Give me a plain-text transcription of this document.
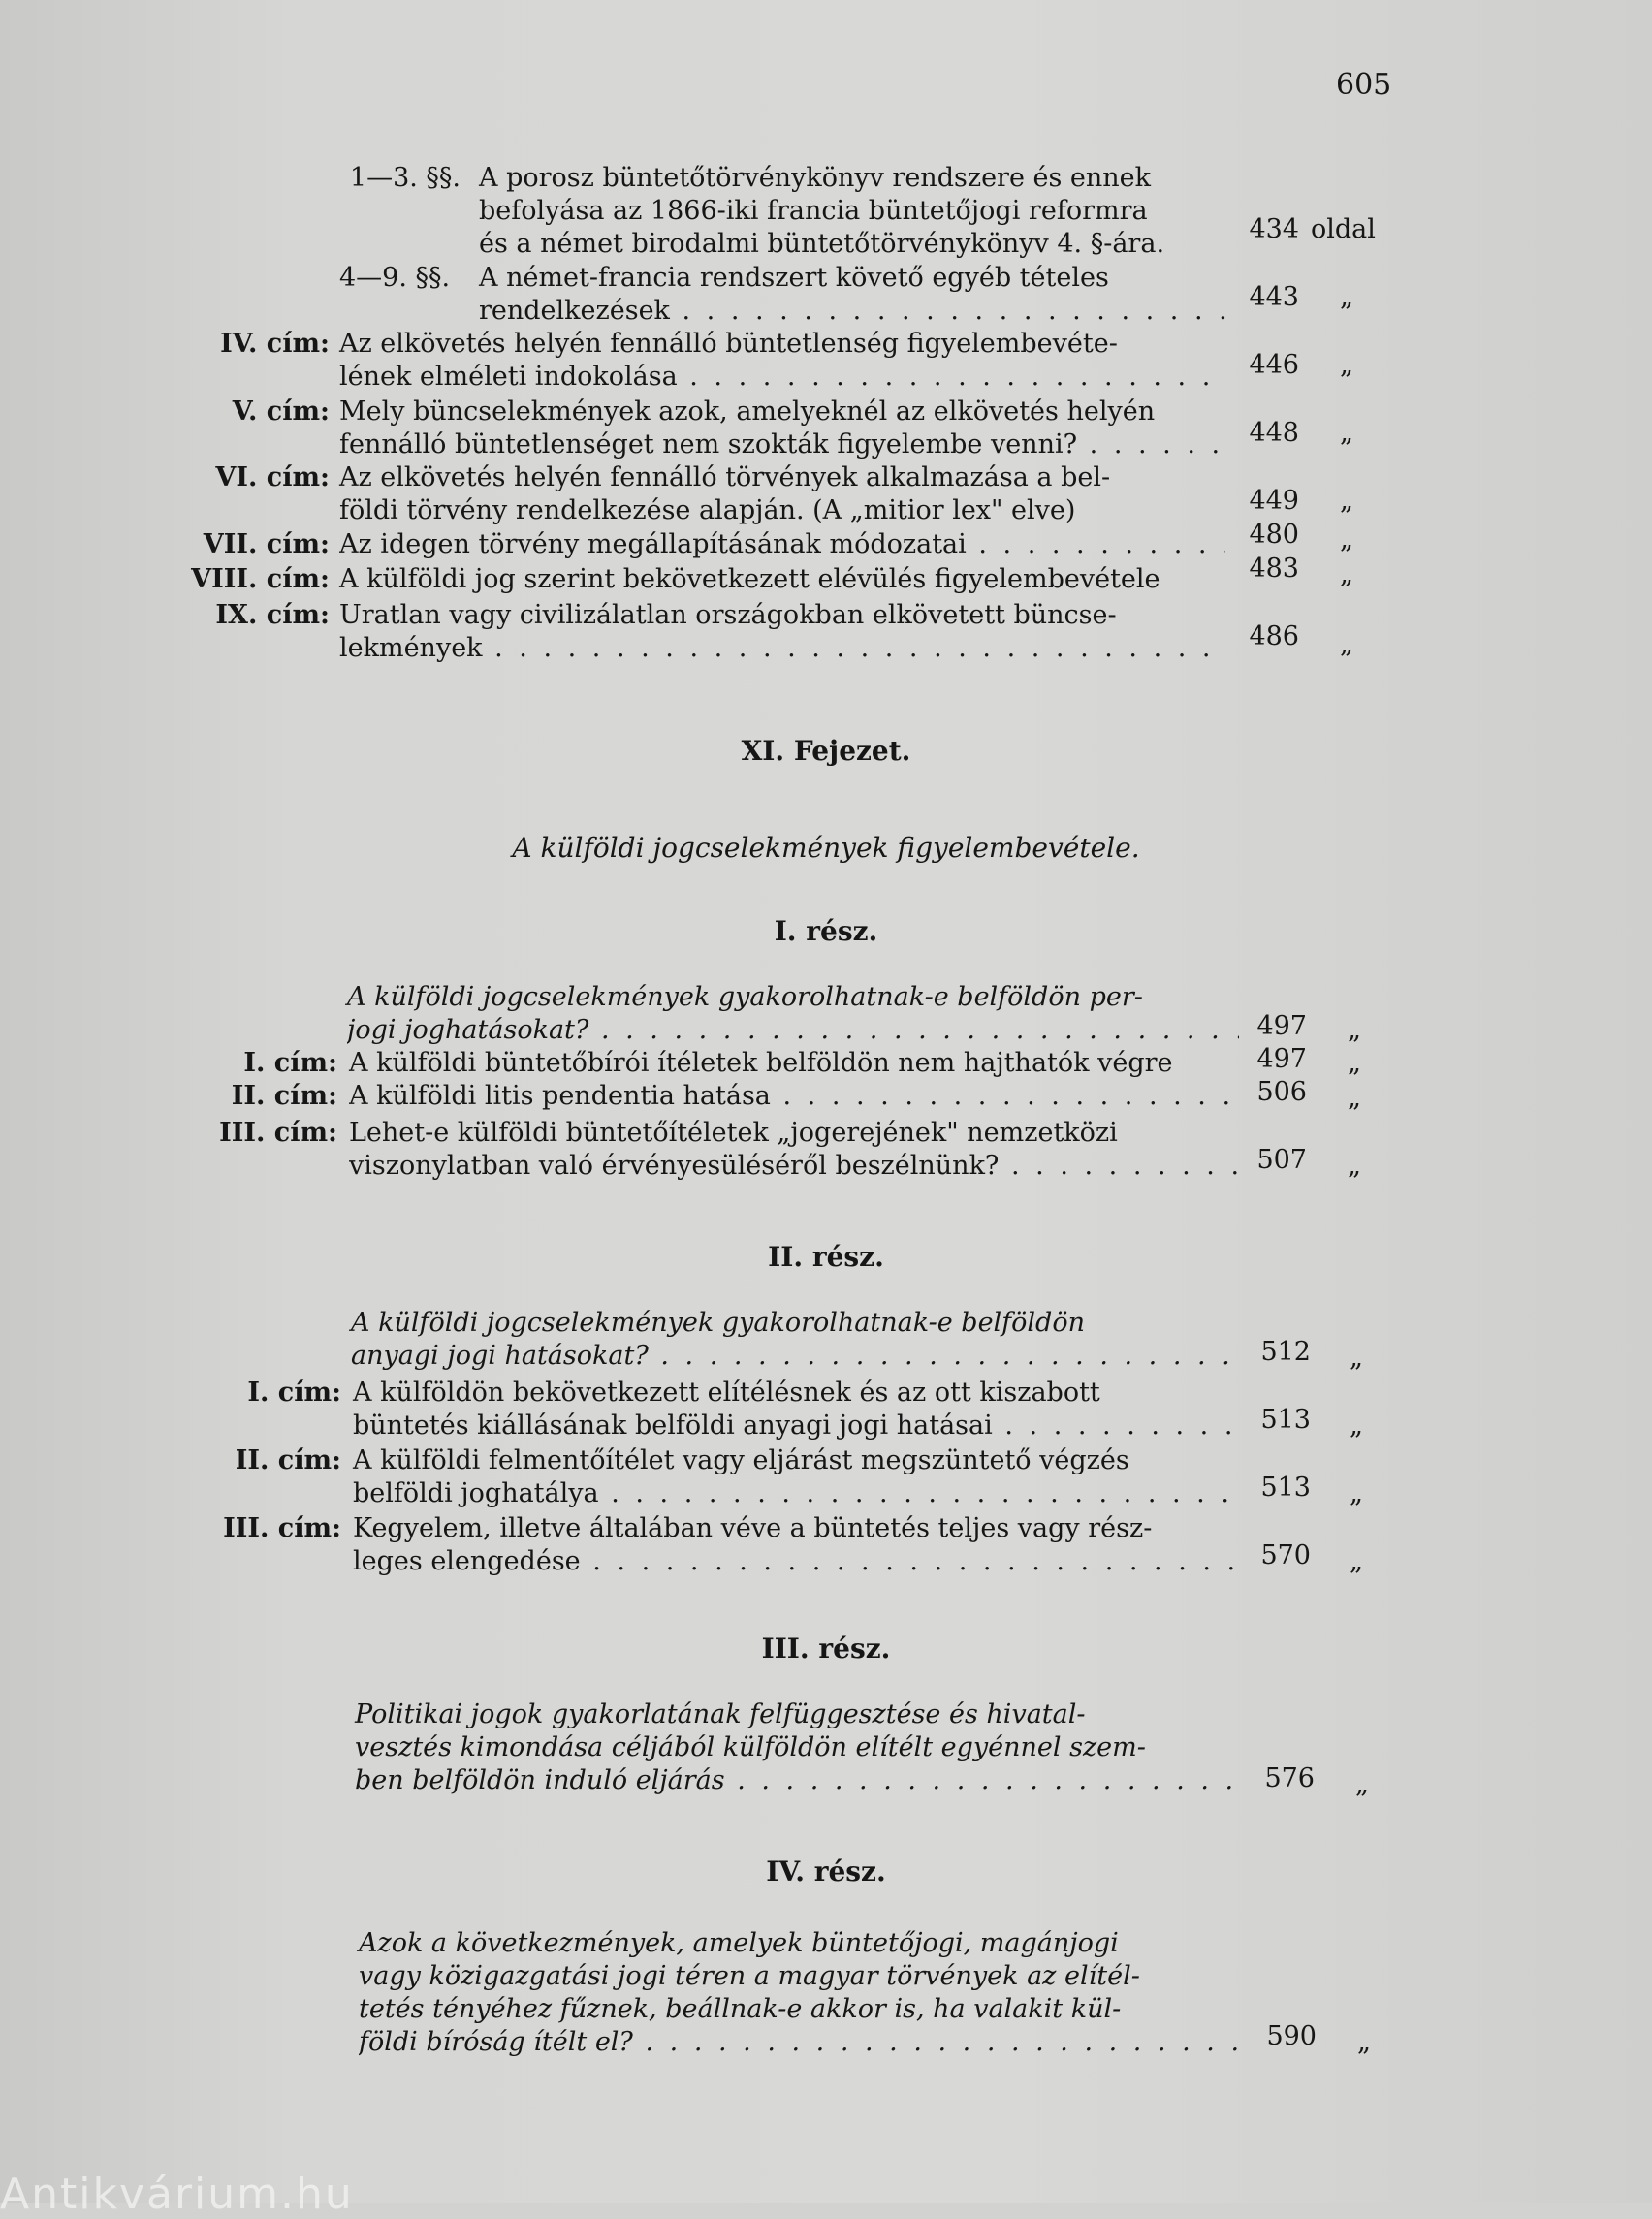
605
1—3. §§. A porosz büntetőtörvénykönyv rendszere és ennek
befolyása az 1866-iki francia büntetőjogi reformra
és a német birodalmi büntetőtörvénykönyv 4. §-ára.	434 oldal
4—9. §§.	A német-francia rendszert követő egyéb tételes
rendelkezések . . .	443 „
IV. cím: Az elkövetés helyén fennálló büntetlenség figyelembevéte-
lének elméleti indokolása . . .	446 „
V. cím: Mely büncselekmények azok, amelyeknél az elkövetés helyén
fennálló büntetlenséget nem szokták figyelembe venni? . . .	448 „
VI. cím: Az elkövetés helyén fennálló törvények alkalmazása a bel-
földi törvény rendelkezése alapján. (A „mitior lex" elve)	449 „
VII. cím: Az idegen törvény megállapításának módozatai . . .	480 „
VIII. cím: A külföldi jog szerint bekövetkezett elévülés figyelembevétele	483 „
IX. cím: Uratlan vagy civilizálatlan országokban elkövetett büncse-
lekmények . . .	486 „
XI. Fejezet.
A külföldi jogcselekmények figyelembevétele.
I. rész.
A külföldi jogcselekmények gyakorolhatnak-e belföldön per-
jogi joghatásokat? . . .	497 „
I. cím: A külföldi büntetőbírói ítéletek belföldön nem hajthatók végre	497 „
II. cím: A külföldi litis pendentia hatása . . .	506 „
III. cím: Lehet-e külföldi büntetőítéletek „jogerejének" nemzetközi
viszonylatban való érvényesüléséről beszélnünk? . . .	507 „
II. rész.
A külföldi jogcselekmények gyakorolhatnak-e belföldön
anyagi jogi hatásokat? . . .	512 „
I. cím: A külföldön bekövetkezett elítélésnek és az ott kiszabott
büntetés kiállásának belföldi anyagi jogi hatásai . . .	513 „
II. cím: A külföldi felmentőítélet vagy eljárást megszüntető végzés
belföldi joghatálya . . .	513 „
III. cím: Kegyelem, illetve általában véve a büntetés teljes vagy rész-
leges elengedése . . .	570 „
III. rész.
Politikai jogok gyakorlatának felfüggesztése és hivatal-
vesztés kimondása céljából külföldön elítélt egyénnel szem-
ben belföldön induló eljárás . . .	576 „
IV. rész.
Azok a következmények, amelyek büntetőjogi, magánjogi
vagy közigazgatási jogi téren a magyar törvények az elítél-
tetés tényéhez fűznek, beállnak-e akkor is, ha valakit kül-
földi bíróság ítélt el? . . .	590 „
Antikvárium.hu
